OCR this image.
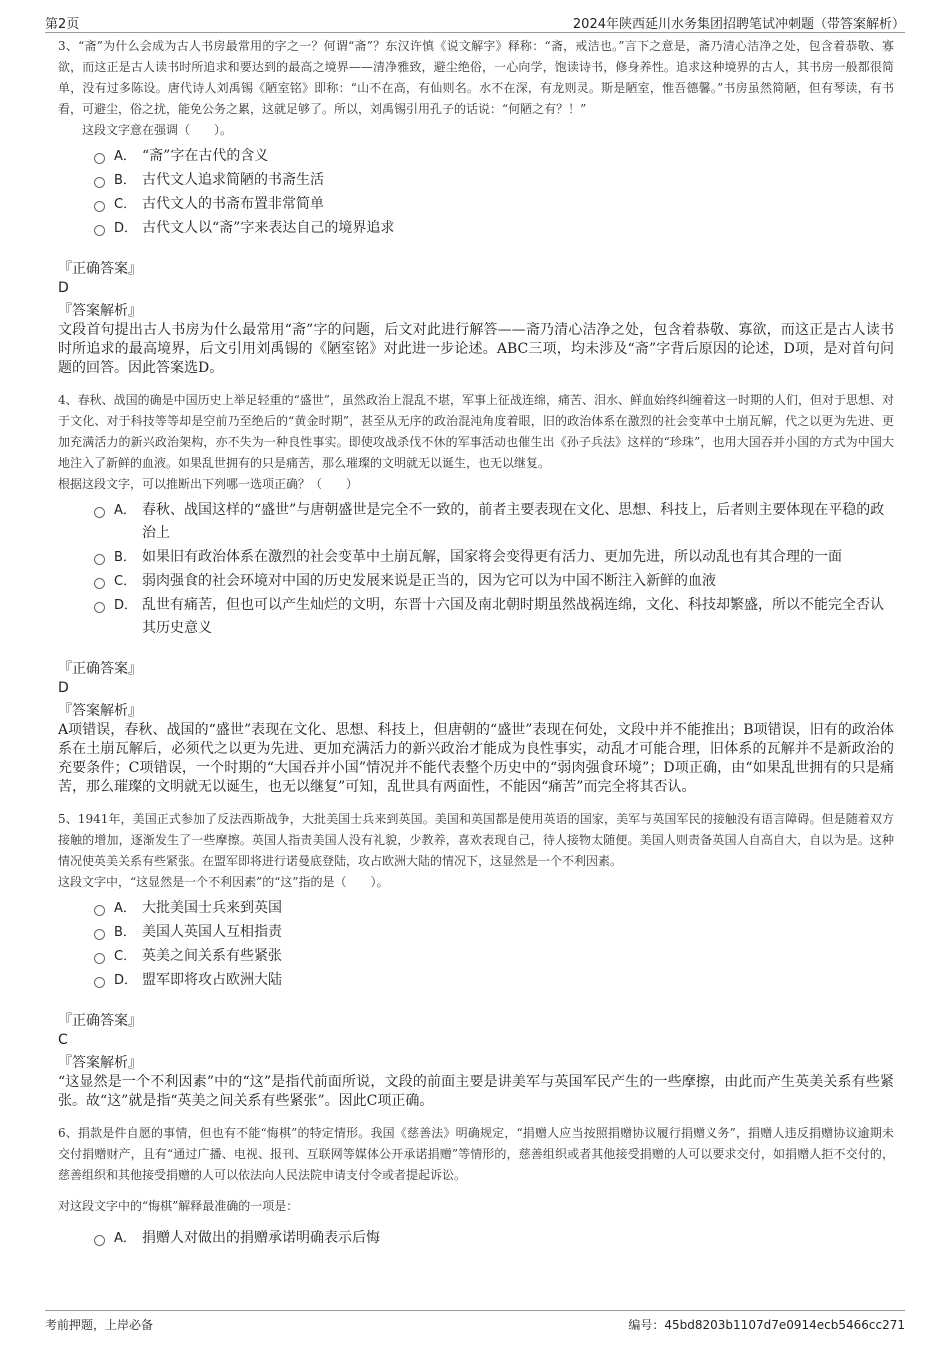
第2页	2024年陕西延川水务集团招聘笔试冲刺题（带答案解析）
3、“斋”为什么会成为古人书房最常用的字之一？何谓“斋”？东汉许慎《说文解字》释称：“斋，戒洁也。”言下之意是，斋乃清心洁净之处，包含着恭敬、寡欲，而这正是古人读书时所追求和要达到的最高之境界——清净雅致，避尘绝俗，一心向学，饱读诗书，修身养性。追求这种境界的古人，其书房一般都很简单，没有过多陈设。唐代诗人刘禹锡《陋室铭》即称：“山不在高，有仙则名。水不在深，有龙则灵。斯是陋室，惟吾德馨。”书房虽然简陋，但有琴读，有书看，可避尘，俗之扰，能免公务之累，这就足够了。所以，刘禹锡引用孔子的话说：“何陋之有？！”
这段文字意在强调（　　）。
A． “斋”字在古代的含义
B． 古代文人追求简陋的书斋生活
C． 古代文人的书斋布置非常简单
D． 古代文人以“斋”字来表达自己的境界追求
『正确答案』
D
『答案解析』
文段首句提出古人书房为什么最常用“斋”字的问题，后文对此进行解答——斋乃清心洁净之处，包含着恭敬、寡欲，而这正是古人读书时所追求的最高境界，后文引用刘禹锡的《陋室铭》对此进一步论述。ABC三项，均未涉及“斋”字背后原因的论述，D项，是对首句问题的回答。因此答案选D。
4、春秋、战国的确是中国历史上举足轻重的“盛世”，虽然政治上混乱不堪，军事上征战连绵，痛苦、泪水、鲜血始终纠缠着这一时期的人们，但对于思想、对于文化、对于科技等等却是空前乃至绝后的“黄金时期”，甚至从无序的政治混沌角度着眼，旧的政治体系在激烈的社会变革中土崩瓦解，代之以更为先进、更加充满活力的新兴政治架构，亦不失为一种良性事实。即使攻战杀伐不休的军事活动也催生出《孙子兵法》这样的“珍珠”，也用大国吞并小国的方式为中国大地注入了新鲜的血液。如果乱世拥有的只是痛苦，那么璀璨的文明就无以诞生，也无以继复。
根据这段文字，可以推断出下列哪一选项正确？（　　）
A． 春秋、战国这样的“盛世”与唐朝盛世是完全不一致的，前者主要表现在文化、思想、科技上，后者则主要体现在平稳的政治上
B． 如果旧有政治体系在激烈的社会变革中土崩瓦解，国家将会变得更有活力、更加先进，所以动乱也有其合理的一面
C． 弱肉强食的社会环境对中国的历史发展来说是正当的，因为它可以为中国不断注入新鲜的血液
D． 乱世有痛苦，但也可以产生灿烂的文明，东晋十六国及南北朝时期虽然战祸连绵，文化、科技却繁盛，所以不能完全否认其历史意义
『正确答案』
D
『答案解析』
A项错误，春秋、战国的“盛世”表现在文化、思想、科技上，但唐朝的“盛世”表现在何处，文段中并不能推出；B项错误，旧有的政治体系在土崩瓦解后，必须代之以更为先进、更加充满活力的新兴政治才能成为良性事实，动乱才可能合理，旧体系的瓦解并不是新政治的充要条件；C项错误，一个时期的“大国吞并小国”情况并不能代表整个历史中的“弱肉强食环境”；D项正确，由“如果乱世拥有的只是痛苦，那么璀璨的文明就无以诞生，也无以继复”可知，乱世具有两面性，不能因“痛苦”而完全将其否认。
5、1941年，美国正式参加了反法西斯战争，大批美国士兵来到英国。美国和英国都是使用英语的国家，美军与英国军民的接触没有语言障碍。但是随着双方接触的增加，逐渐发生了一些摩擦。英国人指责美国人没有礼貌，少教养，喜欢表现自己，待人接物太随便。美国人则责备英国人自高自大，自以为是。这种情况使英美关系有些紧张。在盟军即将进行诺曼底登陆，攻占欧洲大陆的情况下，这显然是一个不利因素。
这段文字中，“这显然是一个不利因素”的“这”指的是（　　）。
A． 大批美国士兵来到英国
B． 美国人英国人互相指责
C． 英美之间关系有些紧张
D． 盟军即将攻占欧洲大陆
『正确答案』
C
『答案解析』
“这显然是一个不利因素”中的“这”是指代前面所说，文段的前面主要是讲美军与英国军民产生的一些摩擦，由此而产生英美关系有些紧张。故“这”就是指“英美之间关系有些紧张”。因此C项正确。
6、捐款是件自愿的事情，但也有不能“悔棋”的特定情形。我国《慈善法》明确规定，“捐赠人应当按照捐赠协议履行捐赠义务”，捐赠人违反捐赠协议逾期未交付捐赠财产，且有“通过广播、电视、报刊、互联网等媒体公开承诺捐赠”等情形的，慈善组织或者其他接受捐赠的人可以要求交付，如捐赠人拒不交付的，慈善组织和其他接受捐赠的人可以依法向人民法院申请支付令或者提起诉讼。
对这段文字中的“悔棋”解释最准确的一项是：
A． 捐赠人对做出的捐赠承诺明确表示后悔
考前押题，上岸必备	编号：45bd8203b1107d7e0914ecb5466cc271
